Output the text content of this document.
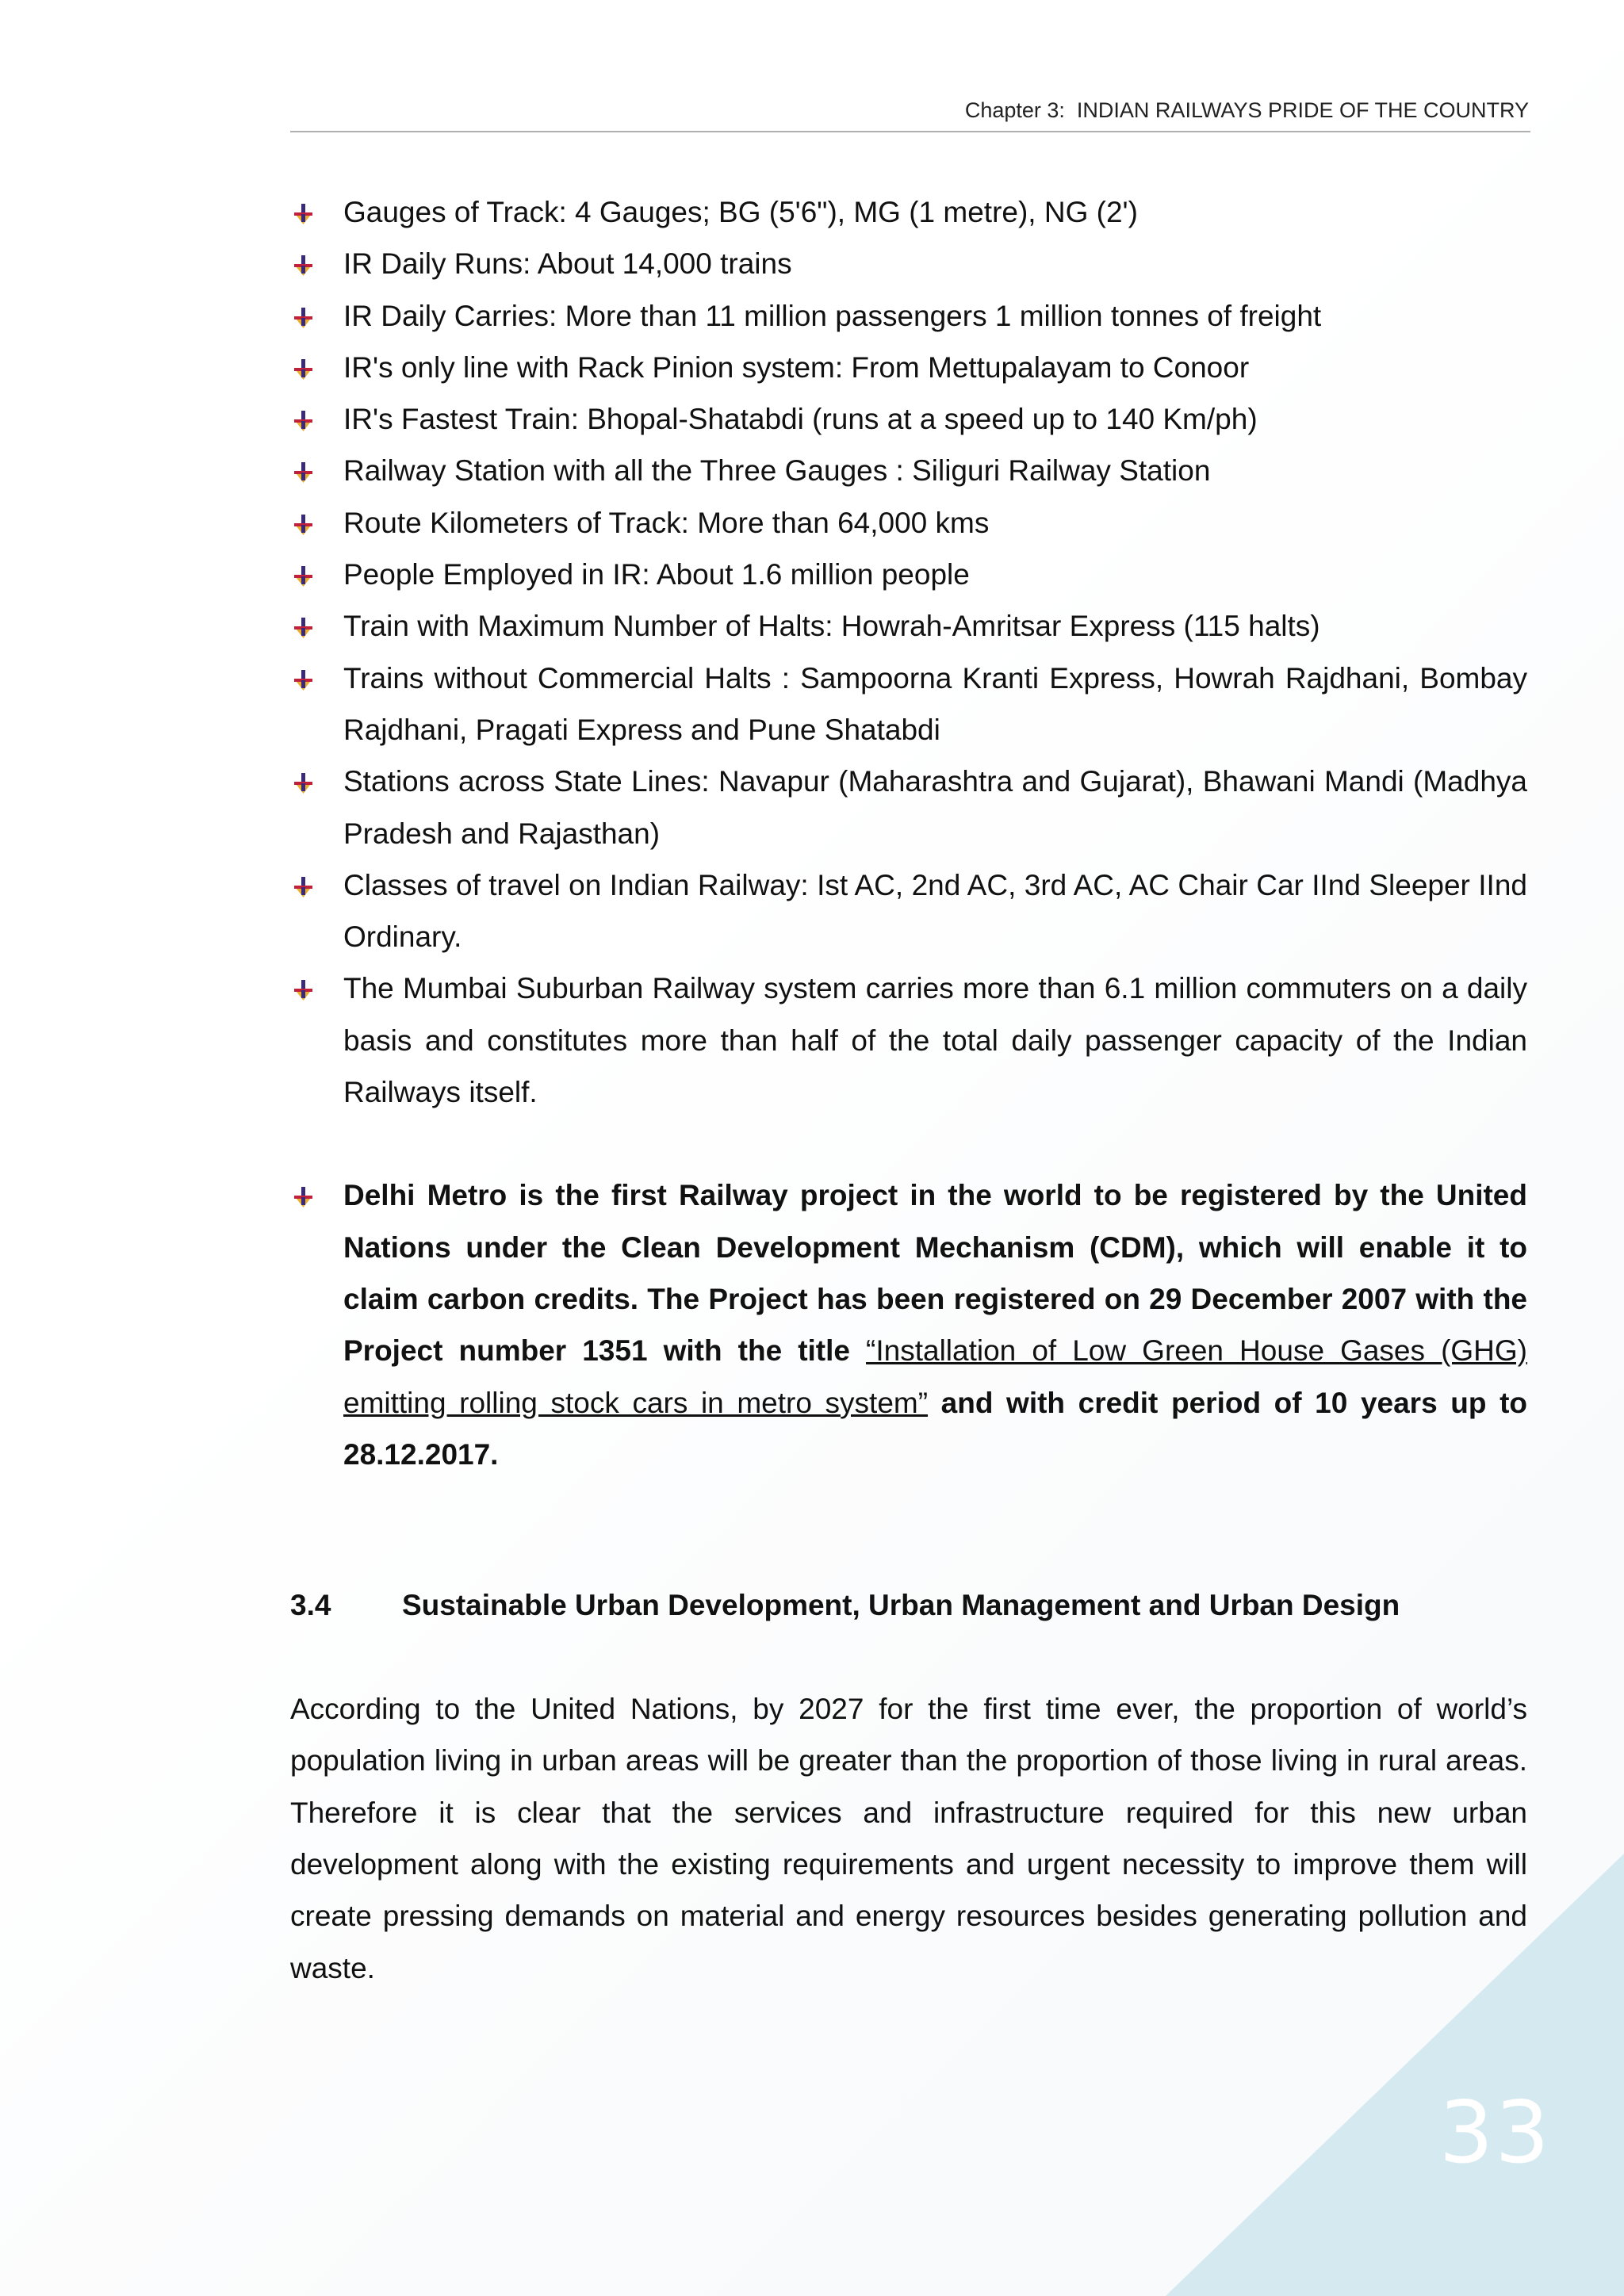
Chapter 3:  INDIAN RAILWAYS PRIDE OF THE COUNTRY
Gauges of Track: 4 Gauges; BG (5'6"), MG (1 metre), NG (2')
IR Daily Runs: About 14,000 trains
IR Daily Carries: More than 11 million passengers 1 million tonnes of freight
IR's only line with Rack Pinion system: From Mettupalayam to Conoor
IR's Fastest Train: Bhopal-Shatabdi (runs at a speed up to 140 Km/ph)
Railway Station with all the Three Gauges : Siliguri Railway Station
Route Kilometers of Track: More than 64,000 kms
People Employed in IR: About 1.6 million people
Train with Maximum Number of Halts: Howrah-Amritsar Express (115 halts)
Trains without Commercial Halts : Sampoorna Kranti Express, Howrah Rajdhani, Bombay Rajdhani, Pragati Express and Pune Shatabdi
Stations across State Lines: Navapur (Maharashtra and Gujarat), Bhawani Mandi (Madhya Pradesh and Rajasthan)
Classes of travel on Indian Railway: Ist AC, 2nd AC, 3rd AC, AC Chair Car IInd Sleeper IInd Ordinary.
The Mumbai Suburban Railway system carries more than 6.1 million commuters on a daily basis and constitutes more than half of the total daily passenger capacity of the Indian Railways itself.
Delhi Metro is the first Railway project in the world to be registered by the United Nations under the Clean Development Mechanism (CDM), which will enable it to claim carbon credits. The Project has been registered on 29 December 2007 with the Project number 1351 with the title “Installation of Low Green House Gases (GHG) emitting rolling stock cars in metro system” and with credit period of 10 years up to 28.12.2017.
3.4	Sustainable Urban Development, Urban Management and Urban Design

According to the United Nations, by 2027 for the first time ever, the proportion of world’s population living in urban areas will be greater than the proportion of those living in rural areas. Therefore it is clear that the services and infrastructure required for this new urban development along with the existing requirements and urgent necessity to improve them will create pressing demands on material and energy resources besides generating pollution and waste.

33
